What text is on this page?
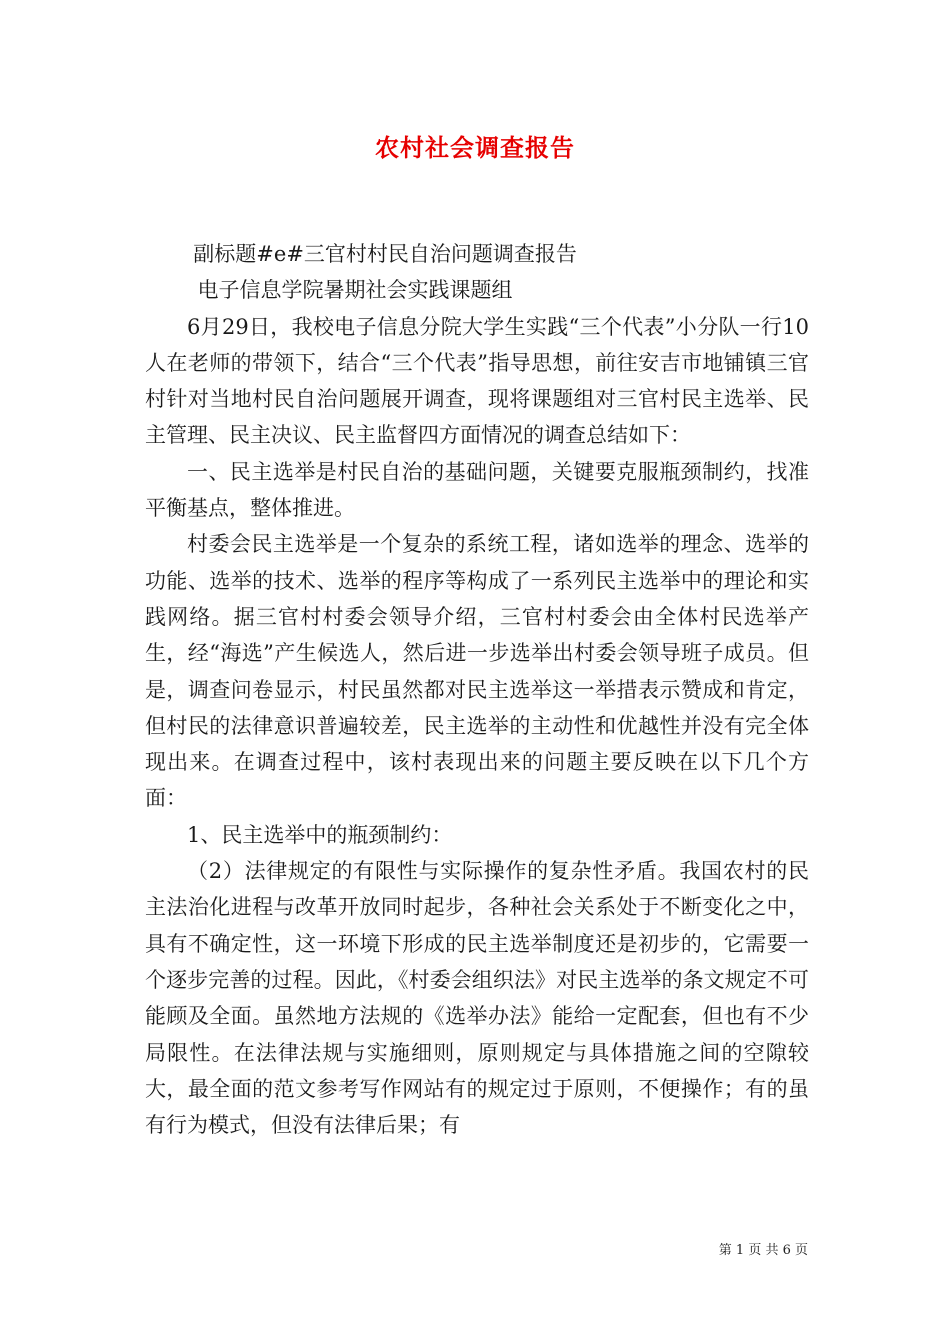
农村社会调查报告

副标题#e#三官村村民自治问题调查报告

电子信息学院暑期社会实践课题组

6月29日，我校电子信息分院大学生实践“三个代表”小分队一行10人在老师的带领下，结合“三个代表”指导思想，前往安吉市地铺镇三官村针对当地村民自治问题展开调查，现将课题组对三官村民主选举、民主管理、民主决议、民主监督四方面情况的调查总结如下：

一、民主选举是村民自治的基础问题，关键要克服瓶颈制约，找准平衡基点，整体推进。

村委会民主选举是一个复杂的系统工程，诸如选举的理念、选举的功能、选举的技术、选举的程序等构成了一系列民主选举中的理论和实践网络。据三官村村委会领导介绍，三官村村委会由全体村民选举产生，经“海选”产生候选人，然后进一步选举出村委会领导班子成员。但是，调查问卷显示，村民虽然都对民主选举这一举措表示赞成和肯定，但村民的法律意识普遍较差，民主选举的主动性和优越性并没有完全体现出来。在调查过程中，该村表现出来的问题主要反映在以下几个方面：

1、民主选举中的瓶颈制约：

（2）法律规定的有限性与实际操作的复杂性矛盾。我国农村的民主法治化进程与改革开放同时起步，各种社会关系处于不断变化之中，具有不确定性，这一环境下形成的民主选举制度还是初步的，它需要一个逐步完善的过程。因此，《村委会组织法》对民主选举的条文规定不可能顾及全面。虽然地方法规的《选举办法》能给一定配套，但也有不少局限性。在法律法规与实施细则，原则规定与具体措施之间的空隙较大，最全面的范文参考写作网站有的规定过于原则，不便操作；有的虽有行为模式，但没有法律后果；有

第 1 页 共 6 页
